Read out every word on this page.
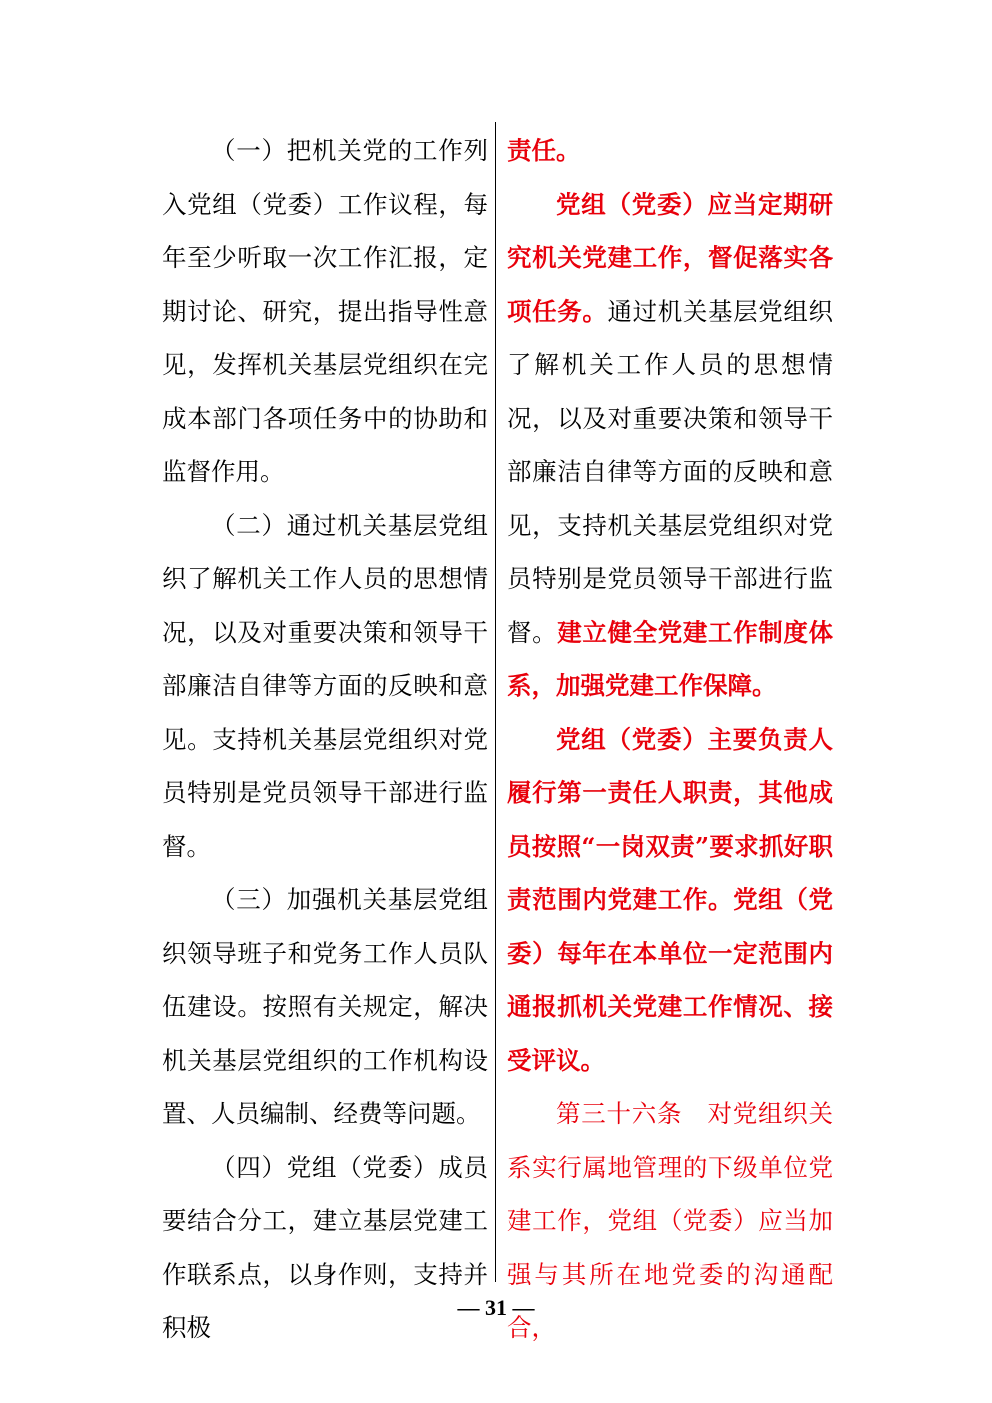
（一）把机关党的工作列入党组（党委）工作议程，每年至少听取一次工作汇报，定期讨论、研究，提出指导性意见，发挥机关基层党组织在完成本部门各项任务中的协助和监督作用。

（二）通过机关基层党组织了解机关工作人员的思想情况，以及对重要决策和领导干部廉洁自律等方面的反映和意见。支持机关基层党组织对党员特别是党员领导干部进行监督。

（三）加强机关基层党组织领导班子和党务工作人员队伍建设。按照有关规定，解决机关基层党组织的工作机构设置、人员编制、经费等问题。

（四）党组（党委）成员要结合分工，建立基层党建工作联系点，以身作则，支持并积极

责任。

党组（党委）应当定期研究机关党建工作，督促落实各项任务。通过机关基层党组织了解机关工作人员的思想情况，以及对重要决策和领导干部廉洁自律等方面的反映和意见，支持机关基层党组织对党员特别是党员领导干部进行监督。建立健全党建工作制度体系，加强党建工作保障。

党组（党委）主要负责人履行第一责任人职责，其他成员按照“一岗双责”要求抓好职责范围内党建工作。党组（党委）每年在本单位一定范围内通报抓机关党建工作情况、接受评议。

第三十六条　 对党组织关系实行属地管理的下级单位党建工作，党组（党委）应当加强与其所在地党委的沟通配合，

— 31 —
